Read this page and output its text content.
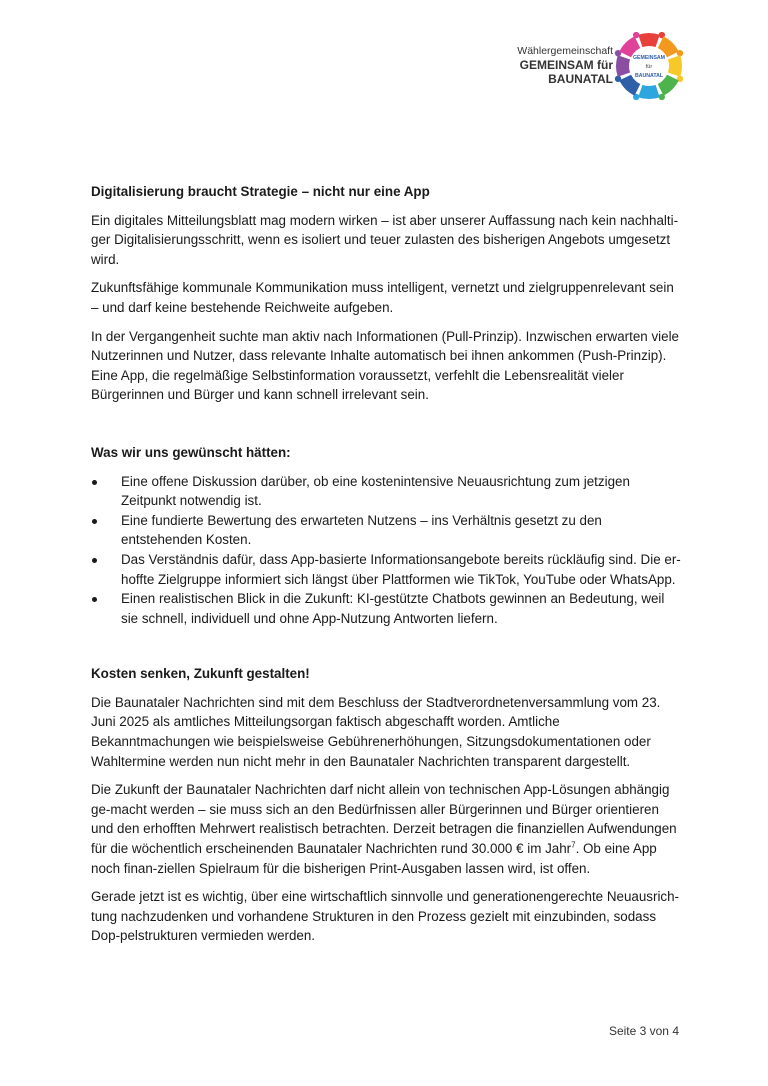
Wählergemeinschaft
GEMEINSAM für
BAUNATAL
GEMEINSAM
für
BAUNATAL
Digitalisierung braucht Strategie – nicht nur eine App

Ein digitales Mitteilungsblatt mag modern wirken – ist aber unserer Auffassung nach kein nachhalti-ger Digitalisierungsschritt, wenn es isoliert und teuer zulasten des bisherigen Angebots umgesetzt wird.

Zukunftsfähige kommunale Kommunikation muss intelligent, vernetzt und zielgruppenrelevant sein – und darf keine bestehende Reichweite aufgeben.

In der Vergangenheit suchte man aktiv nach Informationen (Pull-Prinzip). Inzwischen erwarten viele Nutzerinnen und Nutzer, dass relevante Inhalte automatisch bei ihnen ankommen (Push-Prinzip). Eine App, die regelmäßige Selbstinformation voraussetzt, verfehlt die Lebensrealität vieler Bürgerinnen und Bürger und kann schnell irrelevant sein.

Was wir uns gewünscht hätten:
Eine offene Diskussion darüber, ob eine kostenintensive Neuausrichtung zum jetzigen Zeitpunkt notwendig ist.
Eine fundierte Bewertung des erwarteten Nutzens – ins Verhältnis gesetzt zu den entstehenden Kosten.
Das Verständnis dafür, dass App-basierte Informationsangebote bereits rückläufig sind. Die er-hoffte Zielgruppe informiert sich längst über Plattformen wie TikTok, YouTube oder WhatsApp.
Einen realistischen Blick in die Zukunft: KI-gestützte Chatbots gewinnen an Bedeutung, weil sie schnell, individuell und ohne App-Nutzung Antworten liefern.
Kosten senken, Zukunft gestalten!

Die Baunataler Nachrichten sind mit dem Beschluss der Stadtverordnetenversammlung vom 23. Juni 2025 als amtliches Mitteilungsorgan faktisch abgeschafft worden. Amtliche Bekanntmachungen wie beispielsweise Gebührenerhöhungen, Sitzungsdokumentationen oder Wahltermine werden nun nicht mehr in den Baunataler Nachrichten transparent dargestellt.

Die Zukunft der Baunataler Nachrichten darf nicht allein von technischen App-Lösungen abhängig ge-macht werden – sie muss sich an den Bedürfnissen aller Bürgerinnen und Bürger orientieren und den erhofften Mehrwert realistisch betrachten. Derzeit betragen die finanziellen Aufwendungen für die wöchentlich erscheinenden Baunataler Nachrichten rund 30.000 € im Jahr$^7$. Ob eine App noch finan-ziellen Spielraum für die bisherigen Print-Ausgaben lassen wird, ist offen.

Gerade jetzt ist es wichtig, über eine wirtschaftlich sinnvolle und generationengerechte Neuausrich-tung nachzudenken und vorhandene Strukturen in den Prozess gezielt mit einzubinden, sodass Dop-pelstrukturen vermieden werden.

Seite 3 von 4
